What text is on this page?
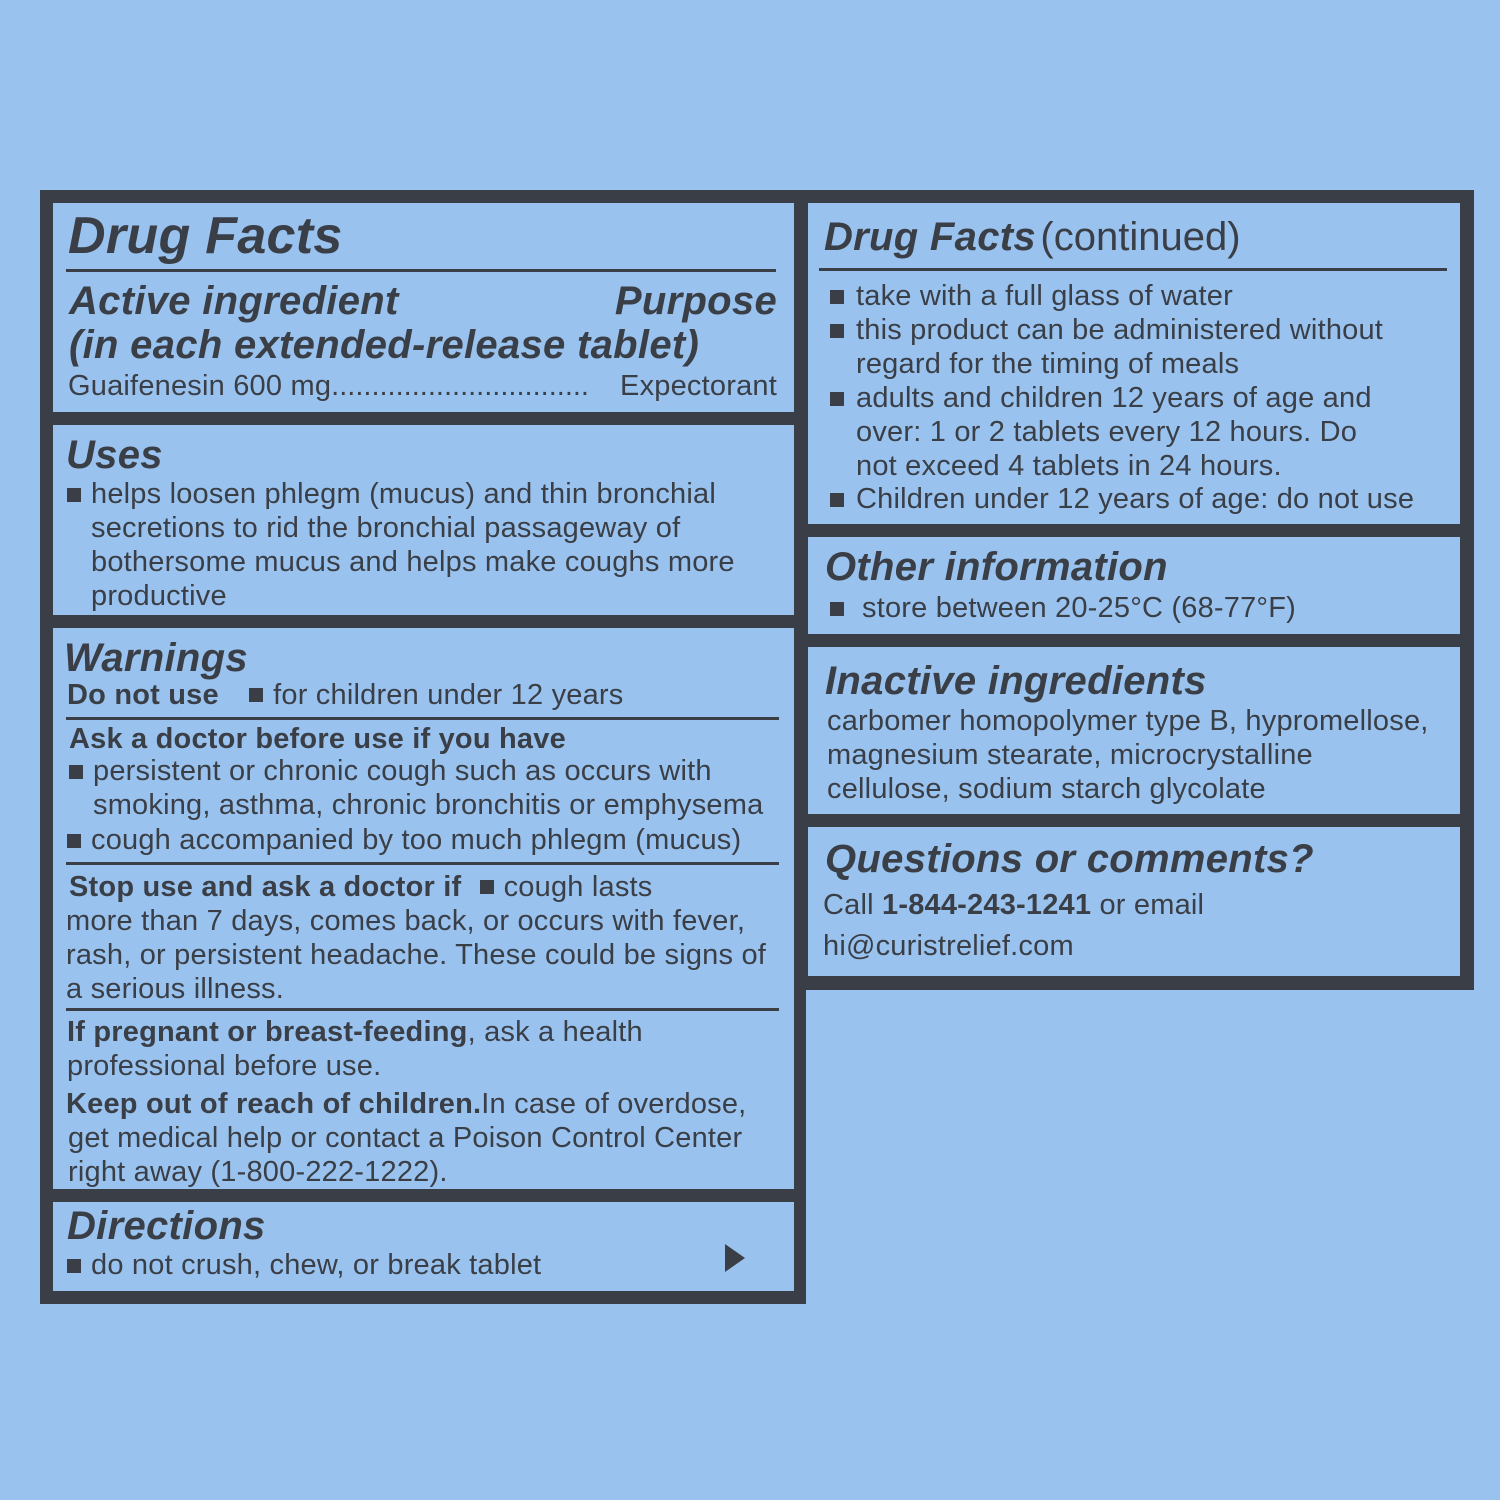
Drug Facts
Active ingredient	Purpose
(in each extended-release tablet)
Guaifenesin 600 mg ................................	Expectorant
Uses
helps loosen phlegm (mucus) and thin bronchial
secretions to rid the bronchial passageway of
bothersome mucus and helps make coughs more
productive
Warnings
Do not use for children under 12 years
Ask a doctor before use if you have
persistent or chronic cough such as occurs with
smoking, asthma, chronic bronchitis or emphysema
cough accompanied by too much phlegm (mucus)
Stop use and ask a doctor if cough lasts
more than 7 days, comes back, or occurs with fever,
rash, or persistent headache. These could be signs of
a serious illness.
If pregnant or breast-feeding, ask a health
professional before use.
Keep out of reach of children.In case of overdose,
get medical help or contact a Poison Control Center
right away (1-800-222-1222).
Directions
do not crush, chew, or break tablet
Drug Facts (continued)
take with a full glass of water
this product can be administered without
regard for the timing of meals
adults and children 12 years of age and
over: 1 or 2 tablets every 12 hours. Do
not exceed 4 tablets in 24 hours.
Children under 12 years of age: do not use
Other information
store between 20-25°C (68-77°F)
Inactive ingredients
carbomer homopolymer type B, hypromellose,
magnesium stearate, microcrystalline
cellulose, sodium starch glycolate
Questions or comments?
Call 1-844-243-1241 or email
hi@curistrelief.com
